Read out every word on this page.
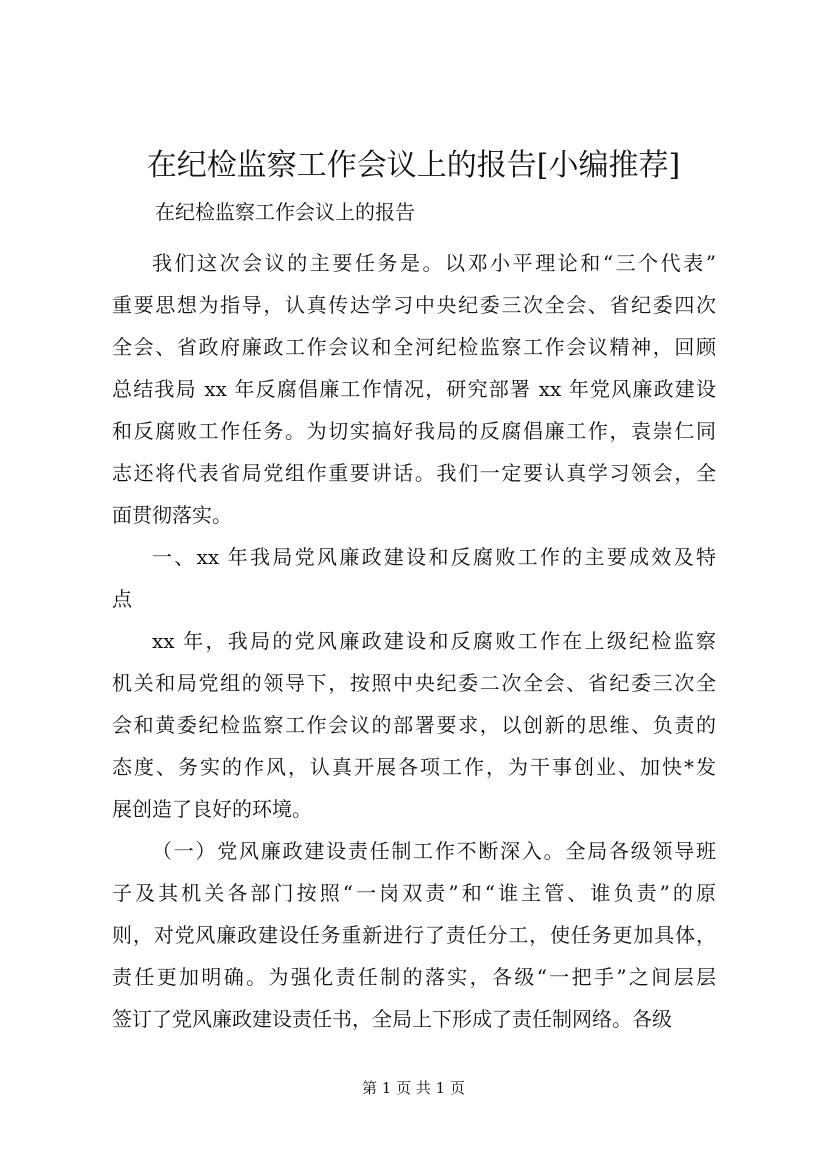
在纪检监察工作会议上的报告[小编推荐]
在纪检监察工作会议上的报告

我们这次会议的主要任务是。以邓小平理论和“三个代表”
重要思想为指导，认真传达学习中央纪委三次全会、省纪委四次
全会、省政府廉政工作会议和全河纪检监察工作会议精神，回顾
总结我局 xx 年反腐倡廉工作情况，研究部署 xx 年党风廉政建设
和反腐败工作任务。为切实搞好我局的反腐倡廉工作，袁崇仁同
志还将代表省局党组作重要讲话。我们一定要认真学习领会，全
面贯彻落实。

一、xx 年我局党风廉政建设和反腐败工作的主要成效及特
点

xx 年，我局的党风廉政建设和反腐败工作在上级纪检监察
机关和局党组的领导下，按照中央纪委二次全会、省纪委三次全
会和黄委纪检监察工作会议的部署要求，以创新的思维、负责的
态度、务实的作风，认真开展各项工作，为干事创业、加快*发
展创造了良好的环境。

（一）党风廉政建设责任制工作不断深入。全局各级领导班
子及其机关各部门按照“一岗双责”和“谁主管、谁负责”的原
则，对党风廉政建设任务重新进行了责任分工，使任务更加具体，
责任更加明确。为强化责任制的落实，各级“一把手”之间层层
签订了党风廉政建设责任书，全局上下形成了责任制网络。各级

第 1 页 共 1 页
